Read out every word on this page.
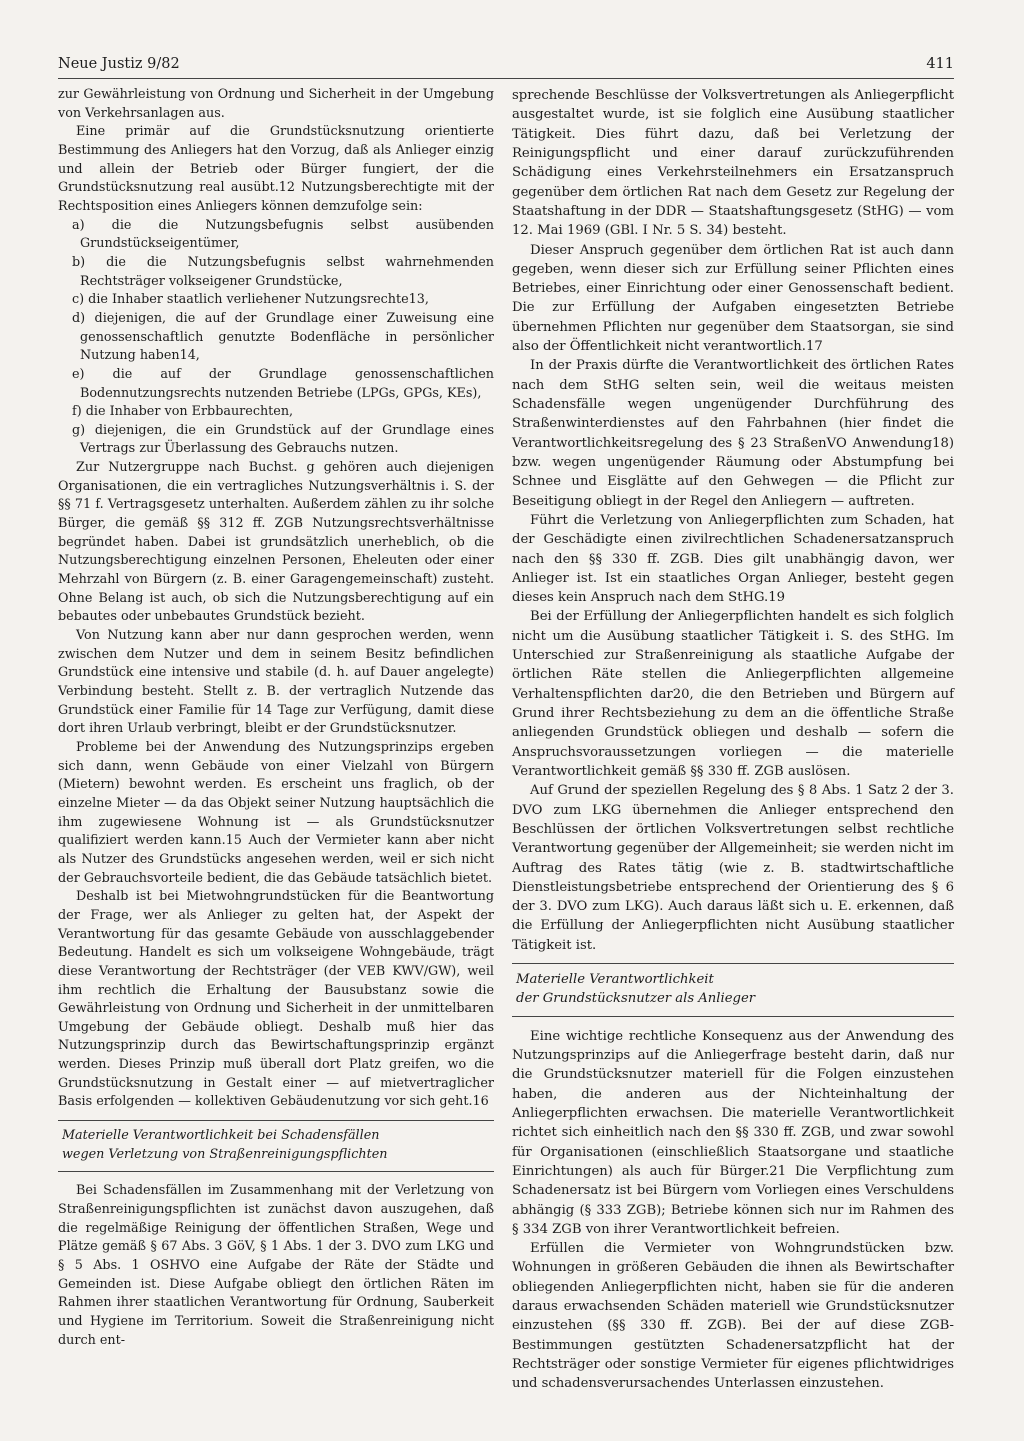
Neue Justiz 9/82	411

zur Gewährleistung von Ordnung und Sicherheit in der Umgebung von Verkehrsanlagen aus.

Eine primär auf die Grundstücksnutzung orientierte Bestimmung des Anliegers hat den Vorzug, daß als Anlieger einzig und allein der Betrieb oder Bürger fungiert, der die Grundstücksnutzung real ausübt.12 Nutzungsberechtigte mit der Rechtsposition eines Anliegers können demzufolge sein:

a) die die Nutzungsbefugnis selbst ausübenden Grundstückseigentümer,

b) die die Nutzungsbefugnis selbst wahrnehmenden Rechtsträger volkseigener Grundstücke,

c) die Inhaber staatlich verliehener Nutzungsrechte13,

d) diejenigen, die auf der Grundlage einer Zuweisung eine genossenschaftlich genutzte Bodenfläche in persönlicher Nutzung haben14,

e) die auf der Grundlage genossenschaftlichen Bodennutzungsrechts nutzenden Betriebe (LPGs, GPGs, KEs),

f) die Inhaber von Erbbaurechten,

g) diejenigen, die ein Grundstück auf der Grundlage eines Vertrags zur Überlassung des Gebrauchs nutzen.

Zur Nutzergruppe nach Buchst. g gehören auch diejenigen Organisationen, die ein vertragliches Nutzungsverhältnis i. S. der §§ 71 f. Vertragsgesetz unterhalten. Außerdem zählen zu ihr solche Bürger, die gemäß §§ 312 ff. ZGB Nutzungsrechtsverhältnisse begründet haben. Dabei ist grundsätzlich unerheblich, ob die Nutzungsberechtigung einzelnen Personen, Eheleuten oder einer Mehrzahl von Bürgern (z. B. einer Garagengemeinschaft) zusteht. Ohne Belang ist auch, ob sich die Nutzungsberechtigung auf ein bebautes oder unbebautes Grundstück bezieht.

Von Nutzung kann aber nur dann gesprochen werden, wenn zwischen dem Nutzer und dem in seinem Besitz befindlichen Grundstück eine intensive und stabile (d. h. auf Dauer angelegte) Verbindung besteht. Stellt z. B. der vertraglich Nutzende das Grundstück einer Familie für 14 Tage zur Verfügung, damit diese dort ihren Urlaub verbringt, bleibt er der Grundstücksnutzer.

Probleme bei der Anwendung des Nutzungsprinzips ergeben sich dann, wenn Gebäude von einer Vielzahl von Bürgern (Mietern) bewohnt werden. Es erscheint uns fraglich, ob der einzelne Mieter — da das Objekt seiner Nutzung hauptsächlich die ihm zugewiesene Wohnung ist — als Grundstücksnutzer qualifiziert werden kann.15 Auch der Vermieter kann aber nicht als Nutzer des Grundstücks angesehen werden, weil er sich nicht der Gebrauchsvorteile bedient, die das Gebäude tatsächlich bietet.

Deshalb ist bei Mietwohngrundstücken für die Beantwortung der Frage, wer als Anlieger zu gelten hat, der Aspekt der Verantwortung für das gesamte Gebäude von ausschlaggebender Bedeutung. Handelt es sich um volkseigene Wohngebäude, trägt diese Verantwortung der Rechtsträger (der VEB KWV/GW), weil ihm rechtlich die Erhaltung der Bausubstanz sowie die Gewährleistung von Ordnung und Sicherheit in der unmittelbaren Umgebung der Gebäude obliegt. Deshalb muß hier das Nutzungsprinzip durch das Bewirtschaftungsprinzip ergänzt werden. Dieses Prinzip muß überall dort Platz greifen, wo die Grundstücksnutzung in Gestalt einer — auf mietvertraglicher Basis erfolgenden — kollektiven Gebäudenutzung vor sich geht.16

Materielle Verantwortlichkeit bei Schadensfällen
wegen Verletzung von Straßenreinigungspflichten

Bei Schadensfällen im Zusammenhang mit der Verletzung von Straßenreinigungspflichten ist zunächst davon auszugehen, daß die regelmäßige Reinigung der öffentlichen Straßen, Wege und Plätze gemäß § 67 Abs. 3 GöV, § 1 Abs. 1 der 3. DVO zum LKG und § 5 Abs. 1 OSHVO eine Aufgabe der Räte der Städte und Gemeinden ist. Diese Aufgabe obliegt den örtlichen Räten im Rahmen ihrer staatlichen Verantwortung für Ordnung, Sauberkeit und Hygiene im Territorium. Soweit die Straßenreinigung nicht durch ent-

sprechende Beschlüsse der Volksvertretungen als Anliegerpflicht ausgestaltet wurde, ist sie folglich eine Ausübung staatlicher Tätigkeit. Dies führt dazu, daß bei Verletzung der Reinigungspflicht und einer darauf zurückzuführenden Schädigung eines Verkehrsteilnehmers ein Ersatzanspruch gegenüber dem örtlichen Rat nach dem Gesetz zur Regelung der Staatshaftung in der DDR — Staatshaftungsgesetz (StHG) — vom 12. Mai 1969 (GBl. I Nr. 5 S. 34) besteht.

Dieser Anspruch gegenüber dem örtlichen Rat ist auch dann gegeben, wenn dieser sich zur Erfüllung seiner Pflichten eines Betriebes, einer Einrichtung oder einer Genossenschaft bedient. Die zur Erfüllung der Aufgaben eingesetzten Betriebe übernehmen Pflichten nur gegenüber dem Staatsorgan, sie sind also der Öffentlichkeit nicht verantwortlich.17

In der Praxis dürfte die Verantwortlichkeit des örtlichen Rates nach dem StHG selten sein, weil die weitaus meisten Schadensfälle wegen ungenügender Durchführung des Straßenwinterdienstes auf den Fahrbahnen (hier findet die Verantwortlichkeitsregelung des § 23 StraßenVO Anwendung18) bzw. wegen ungenügender Räumung oder Abstumpfung bei Schnee und Eisglätte auf den Gehwegen — die Pflicht zur Beseitigung obliegt in der Regel den Anliegern — auftreten.

Führt die Verletzung von Anliegerpflichten zum Schaden, hat der Geschädigte einen zivilrechtlichen Schadenersatzanspruch nach den §§ 330 ff. ZGB. Dies gilt unabhängig davon, wer Anlieger ist. Ist ein staatliches Organ Anlieger, besteht gegen dieses kein Anspruch nach dem StHG.19

Bei der Erfüllung der Anliegerpflichten handelt es sich folglich nicht um die Ausübung staatlicher Tätigkeit i. S. des StHG. Im Unterschied zur Straßenreinigung als staatliche Aufgabe der örtlichen Räte stellen die Anliegerpflichten allgemeine Verhaltenspflichten dar20, die den Betrieben und Bürgern auf Grund ihrer Rechtsbeziehung zu dem an die öffentliche Straße anliegenden Grundstück obliegen und deshalb — sofern die Anspruchsvoraussetzungen vorliegen — die materielle Verantwortlichkeit gemäß §§ 330 ff. ZGB auslösen.

Auf Grund der speziellen Regelung des § 8 Abs. 1 Satz 2 der 3. DVO zum LKG übernehmen die Anlieger entsprechend den Beschlüssen der örtlichen Volksvertretungen selbst rechtliche Verantwortung gegenüber der Allgemeinheit; sie werden nicht im Auftrag des Rates tätig (wie z. B. stadtwirtschaftliche Dienstleistungsbetriebe entsprechend der Orientierung des § 6 der 3. DVO zum LKG). Auch daraus läßt sich u. E. erkennen, daß die Erfüllung der Anliegerpflichten nicht Ausübung staatlicher Tätigkeit ist.

Materielle Verantwortlichkeit
der Grundstücksnutzer als Anlieger

Eine wichtige rechtliche Konsequenz aus der Anwendung des Nutzungsprinzips auf die Anliegerfrage besteht darin, daß nur die Grundstücksnutzer materiell für die Folgen einzustehen haben, die anderen aus der Nichteinhaltung der Anliegerpflichten erwachsen. Die materielle Verantwortlichkeit richtet sich einheitlich nach den §§ 330 ff. ZGB, und zwar sowohl für Organisationen (einschließlich Staatsorgane und staatliche Einrichtungen) als auch für Bürger.21 Die Verpflichtung zum Schadenersatz ist bei Bürgern vom Vorliegen eines Verschuldens abhängig (§ 333 ZGB); Betriebe können sich nur im Rahmen des § 334 ZGB von ihrer Verantwortlichkeit befreien.

Erfüllen die Vermieter von Wohngrundstücken bzw. Wohnungen in größeren Gebäuden die ihnen als Bewirtschafter obliegenden Anliegerpflichten nicht, haben sie für die anderen daraus erwachsenden Schäden materiell wie Grundstücksnutzer einzustehen (§§ 330 ff. ZGB). Bei der auf diese ZGB-Bestimmungen gestützten Schadenersatzpflicht hat der Rechtsträger oder sonstige Vermieter für eigenes pflichtwidriges und schadensverursachendes Unterlassen einzustehen.
